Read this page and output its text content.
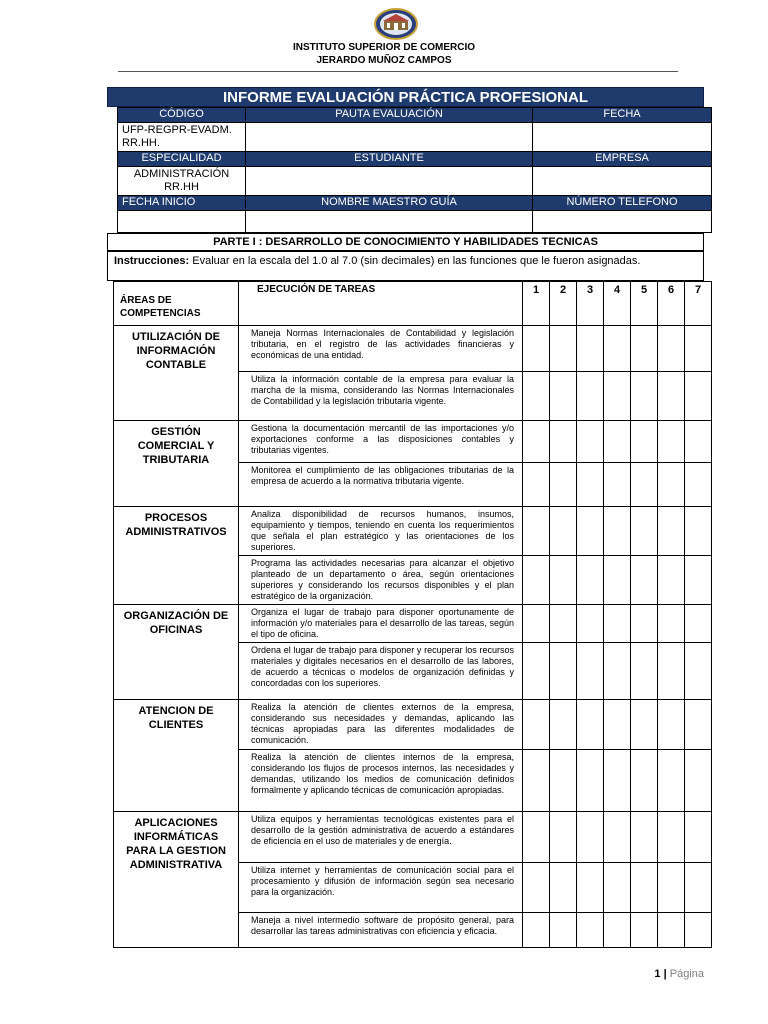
INSTITUTO SUPERIOR DE COMERCIO
JERARDO MUÑOZ CAMPOS
INFORME EVALUACIÓN PRÁCTICA PROFESIONAL
CÓDIGO	PAUTA EVALUACIÓN	FECHA
UFP-REGPR-EVADM. RR.HH.		
ESPECIALIDAD	ESTUDIANTE	EMPRESA
ADMINISTRACIÓN RR.HH		
FECHA INICIO	NOMBRE MAESTRO GUÍA	NÚMERO TELEFONO

PARTE I : DESARROLLO DE CONOCIMIENTO Y HABILIDADES TECNICAS
Instrucciones: Evaluar en la escala del 1.0 al 7.0 (sin decimales) en las funciones que le fueron asignadas.
ÁREAS DE COMPETENCIAS	EJECUCIÓN DE TAREAS	1	2	3	4	5	6	7
UTILIZACIÓN DE INFORMACIÓN CONTABLE	Maneja Normas Internacionales de Contabilidad y legislación tributaria, en el registro de las actividades financieras y económicas de una entidad.							
	Utiliza la información contable de la empresa para evaluar la marcha de la misma, considerando las Normas Internacionales de Contabilidad y la legislación tributaria vigente.							
GESTIÓN COMERCIAL Y TRIBUTARIA	Gestiona la documentación mercantil de las importaciones y/o exportaciones conforme a las disposiciones contables y tributarias vigentes.							
	Monitorea el cumplimiento de las obligaciones tributarias de la empresa de acuerdo a la normativa tributaria vigente.							
PROCESOS ADMINISTRATIVOS	Analiza disponibilidad de recursos humanos, insumos, equipamiento y tiempos, teniendo en cuenta los requerimientos que señala el plan estratégico y las orientaciones de los superiores.							
	Programa las actividades necesarias para alcanzar el objetivo planteado de un departamento o área, según orientaciones superiores y considerando los recursos disponibles y el plan estratégico de la organización.							
ORGANIZACIÓN DE OFICINAS	Organiza el lugar de trabajo para disponer oportunamente de información y/o materiales para el desarrollo de las tareas, según el tipo de oficina.							
	Ordena el lugar de trabajo para disponer y recuperar los recursos materiales y digitales necesarios en el desarrollo de las labores, de acuerdo a técnicas o modelos de organización definidas y concordadas con los superiores.							
ATENCION DE CLIENTES	Realiza la atención de clientes externos de la empresa, considerando sus necesidades y demandas, aplicando las técnicas apropiadas para las diferentes modalidades de comunicación.							
	Realiza la atención de clientes internos de la empresa, considerando los flujos de procesos internos, las necesidades y demandas, utilizando los medios de comunicación definidos formalmente y aplicando técnicas de comunicación apropiadas.							
APLICACIONES INFORMÁTICAS PARA LA GESTION ADMINISTRATIVA	Utiliza equipos y herramientas tecnológicas existentes para el desarrollo de la gestión administrativa de acuerdo a estándares de eficiencia en el uso de materiales y de energía.							
	Utiliza internet y herramientas de comunicación social para el procesamiento y difusión de información según sea necesario para la organización.							
	Maneja a nivel intermedio software de propósito general, para desarrollar las tareas administrativas con eficiencia y eficacia.							
1 | Página
